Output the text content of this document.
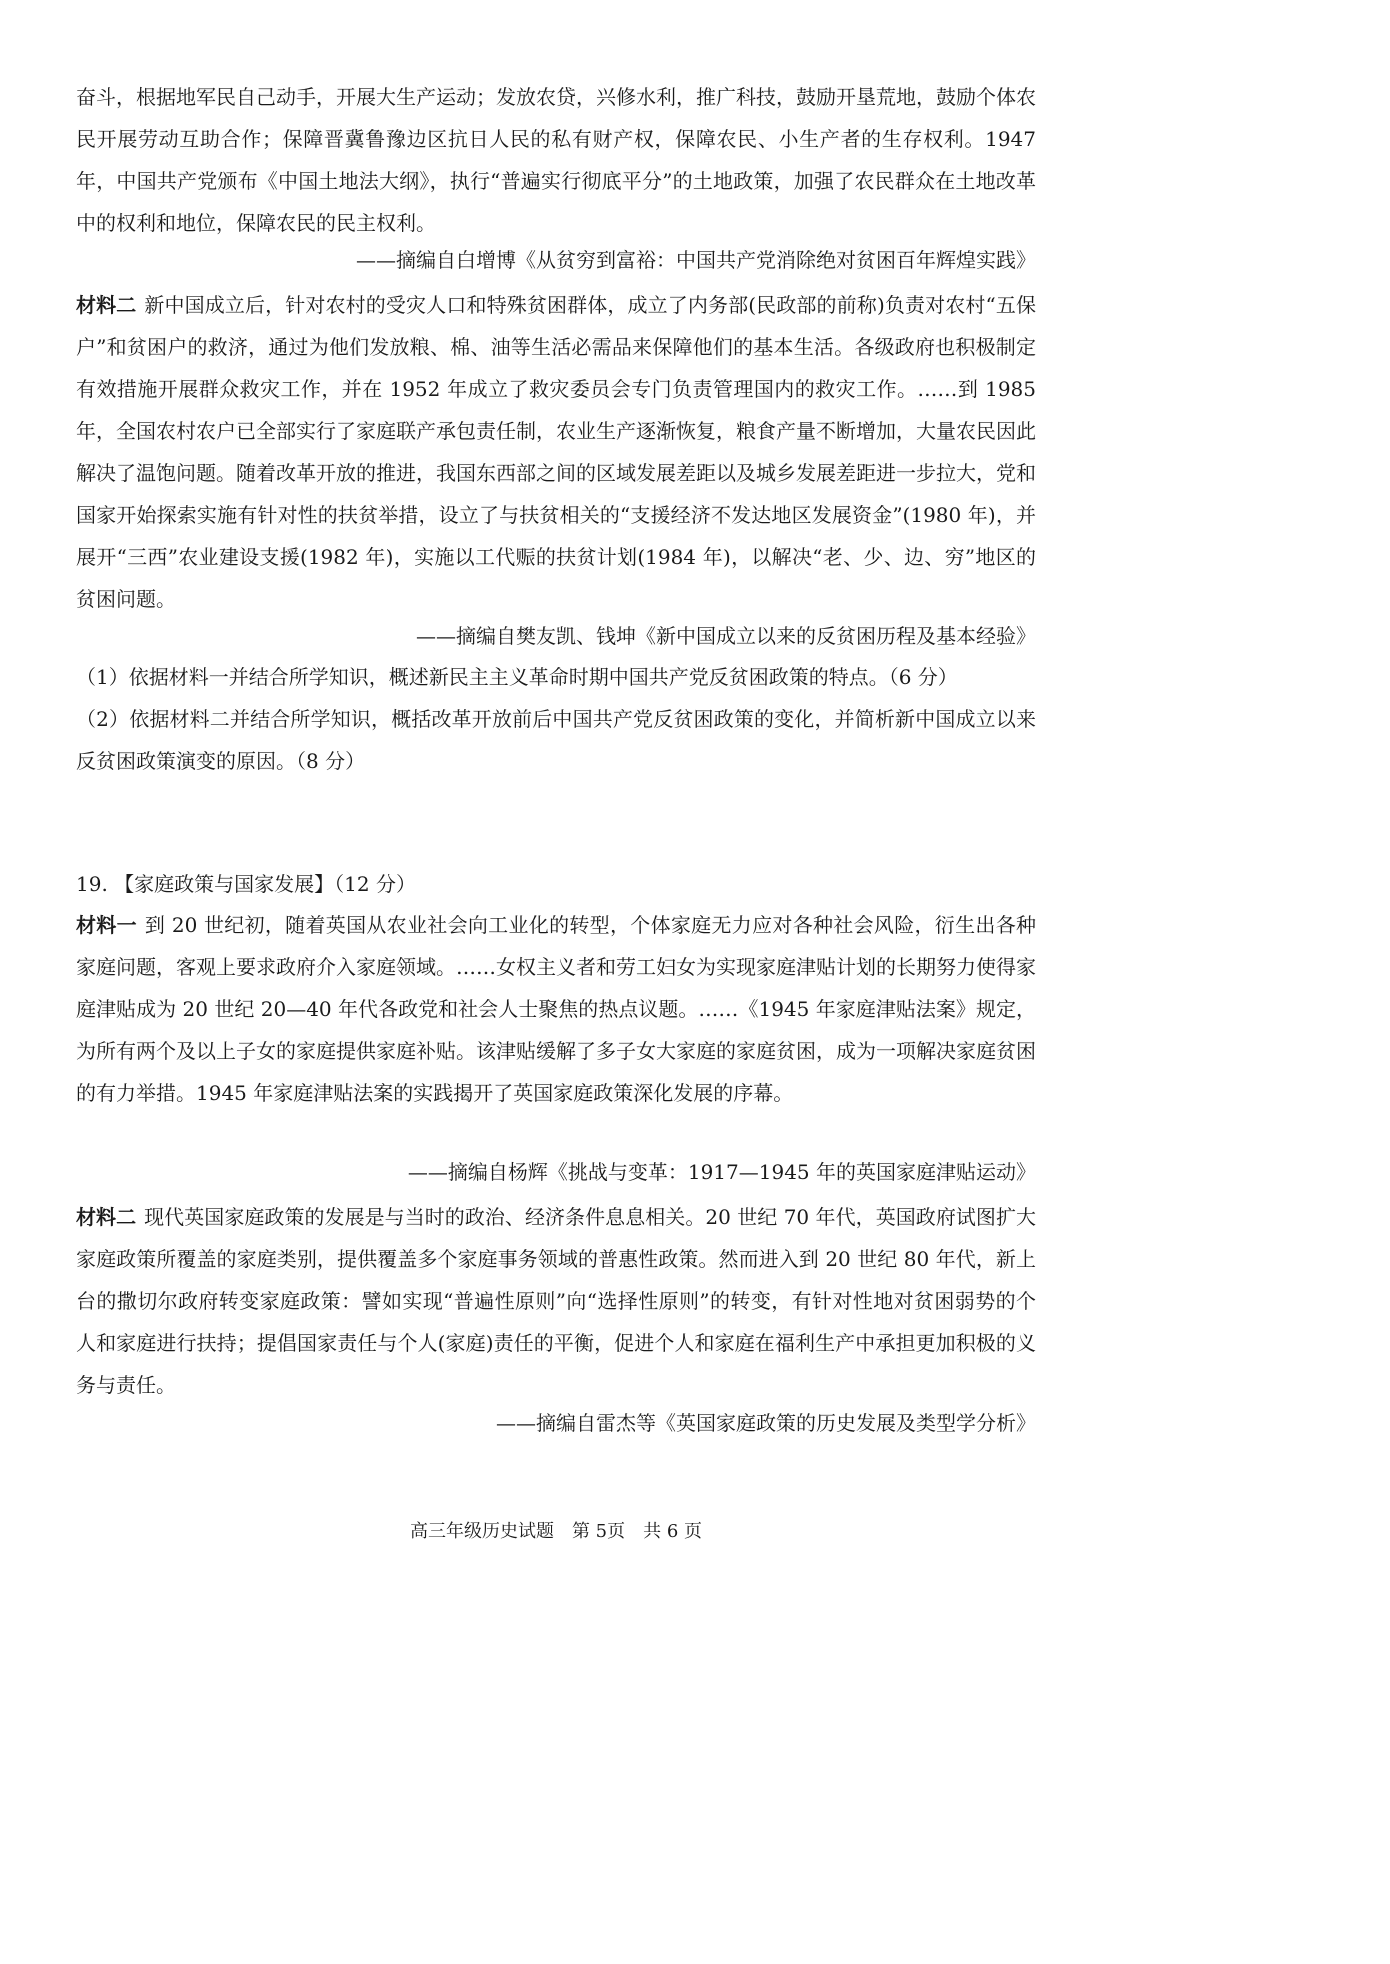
奋斗，根据地军民自己动手，开展大生产运动；发放农贷，兴修水利，推广科技，鼓励开垦荒地，鼓励个体农民开展劳动互助合作；保障晋冀鲁豫边区抗日人民的私有财产权，保障农民、小生产者的生存权利。1947 年，中国共产党颁布《中国土地法大纲》，执行“普遍实行彻底平分”的土地政策，加强了农民群众在土地改革中的权利和地位，保障农民的民主权利。

——摘编自白增博《从贫穷到富裕：中国共产党消除绝对贫困百年辉煌实践》

材料二 新中国成立后，针对农村的受灾人口和特殊贫困群体，成立了内务部(民政部的前称)负责对农村“五保户”和贫困户的救济，通过为他们发放粮、棉、油等生活必需品来保障他们的基本生活。各级政府也积极制定有效措施开展群众救灾工作，并在 1952 年成立了救灾委员会专门负责管理国内的救灾工作。……到 1985 年，全国农村农户已全部实行了家庭联产承包责任制，农业生产逐渐恢复，粮食产量不断增加，大量农民因此解决了温饱问题。随着改革开放的推进，我国东西部之间的区域发展差距以及城乡发展差距进一步拉大，党和国家开始探索实施有针对性的扶贫举措，设立了与扶贫相关的“支援经济不发达地区发展资金”(1980 年)，并展开“三西”农业建设支援(1982 年)，实施以工代赈的扶贫计划(1984 年)，以解决“老、少、边、穷”地区的贫困问题。

——摘编自樊友凯、钱坤《新中国成立以来的反贫困历程及基本经验》

（1）依据材料一并结合所学知识，概述新民主主义革命时期中国共产党反贫困政策的特点。（6 分）

（2）依据材料二并结合所学知识，概括改革开放前后中国共产党反贫困政策的变化，并简析新中国成立以来反贫困政策演变的原因。（8 分）

19. 【家庭政策与国家发展】（12 分）

材料一 到 20 世纪初，随着英国从农业社会向工业化的转型，个体家庭无力应对各种社会风险，衍生出各种家庭问题，客观上要求政府介入家庭领域。……女权主义者和劳工妇女为实现家庭津贴计划的长期努力使得家庭津贴成为 20 世纪 20—40 年代各政党和社会人士聚焦的热点议题。……《1945 年家庭津贴法案》规定，为所有两个及以上子女的家庭提供家庭补贴。该津贴缓解了多子女大家庭的家庭贫困，成为一项解决家庭贫困的有力举措。1945 年家庭津贴法案的实践揭开了英国家庭政策深化发展的序幕。

——摘编自杨辉《挑战与变革：1917—1945 年的英国家庭津贴运动》

材料二 现代英国家庭政策的发展是与当时的政治、经济条件息息相关。20 世纪 70 年代，英国政府试图扩大家庭政策所覆盖的家庭类别，提供覆盖多个家庭事务领域的普惠性政策。然而进入到 20 世纪 80 年代，新上台的撒切尔政府转变家庭政策：譬如实现“普遍性原则”向“选择性原则”的转变，有针对性地对贫困弱势的个人和家庭进行扶持；提倡国家责任与个人(家庭)责任的平衡，促进个人和家庭在福利生产中承担更加积极的义务与责任。

——摘编自雷杰等《英国家庭政策的历史发展及类型学分析》
高三年级历史试题　第 5页　共 6 页
